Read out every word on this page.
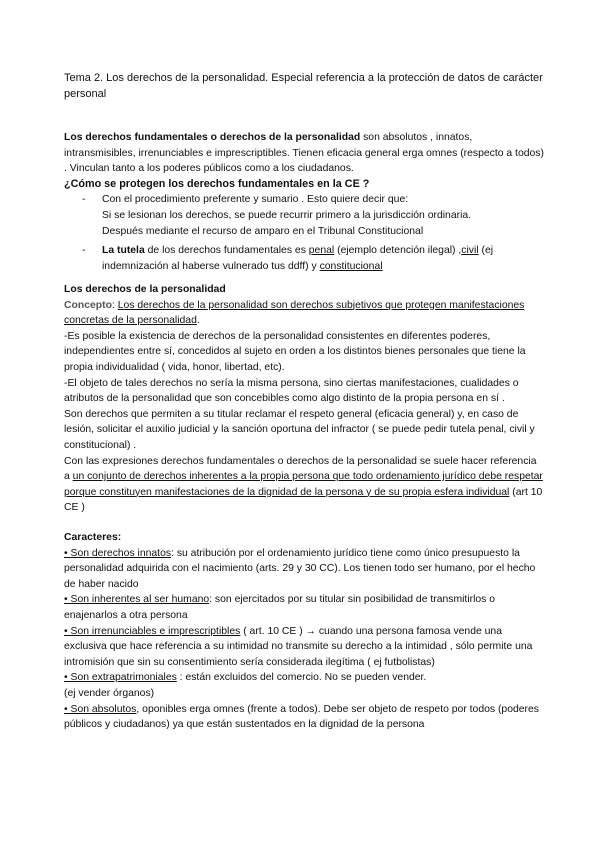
Tema 2. Los derechos de la personalidad. Especial referencia a la protección de datos de carácter personal

Los derechos fundamentales o derechos de la personalidad son absolutos , innatos, intransmisibles, irrenunciables e imprescriptibles. Tienen eficacia general erga omnes (respecto a todos) . Vinculan tanto a los poderes públicos como a los ciudadanos.

¿Cómo se protegen los derechos fundamentales en la CE ?

- Con el procedimiento preferente y sumario . Esto quiere decir que:

Si se lesionan los derechos, se puede recurrir primero a la jurisdicción ordinaria.

Después mediante el recurso de amparo en el Tribunal Constitucional

- La tutela de los derechos fundamentales es penal (ejemplo detención ilegal) ,civil (ej indemnización al haberse vulnerado tus ddff) y constitucional

Los derechos de la personalidad

Concepto: Los derechos de la personalidad son derechos subjetivos que protegen manifestaciones concretas de la personalidad.

-Es posible la existencia de derechos de la personalidad consistentes en diferentes poderes, independientes entre sí, concedidos al sujeto en orden a los distintos bienes personales que tiene la propia individualidad ( vida, honor, libertad, etc).

-El objeto de tales derechos no sería la misma persona, sino ciertas manifestaciones, cualidades o atributos de la personalidad que son concebibles como algo distinto de la propia persona en sí .

Son derechos que permiten a su titular reclamar el respeto general (eficacia general) y, en caso de lesión, solicitar el auxilio judicial y la sanción oportuna del infractor ( se puede pedir tutela penal, civil y constitucional) .

Con las expresiones derechos fundamentales o derechos de la personalidad se suele hacer referencia a un conjunto de derechos inherentes a la propia persona que todo ordenamiento jurídico debe respetar porque constituyen manifestaciones de la dignidad de la persona y de su propia esfera individual (art 10 CE )

Caracteres:

• Son derechos innatos: su atribución por el ordenamiento jurídico tiene como único presupuesto la personalidad adquirida con el nacimiento (arts. 29 y 30 CC). Los tienen todo ser humano, por el hecho de haber nacido

• Son inherentes al ser humano: son ejercitados por su titular sin posibilidad de transmitirlos o enajenarlos a otra persona

• Son irrenunciables e imprescriptibles ( art. 10 CE ) → cuando una persona famosa vende una exclusiva que hace referencia a su intimidad no transmite su derecho a la intimidad , sólo permite una intromisión que sin su consentimiento sería considerada ilegítima ( ej futbolistas)

• Son extrapatrimoniales : están excluidos del comercio. No se pueden vender.

(ej vender órganos)

• Son absolutos, oponibles erga omnes (frente a todos). Debe ser objeto de respeto por todos (poderes públicos y ciudadanos) ya que están sustentados en la dignidad de la persona
